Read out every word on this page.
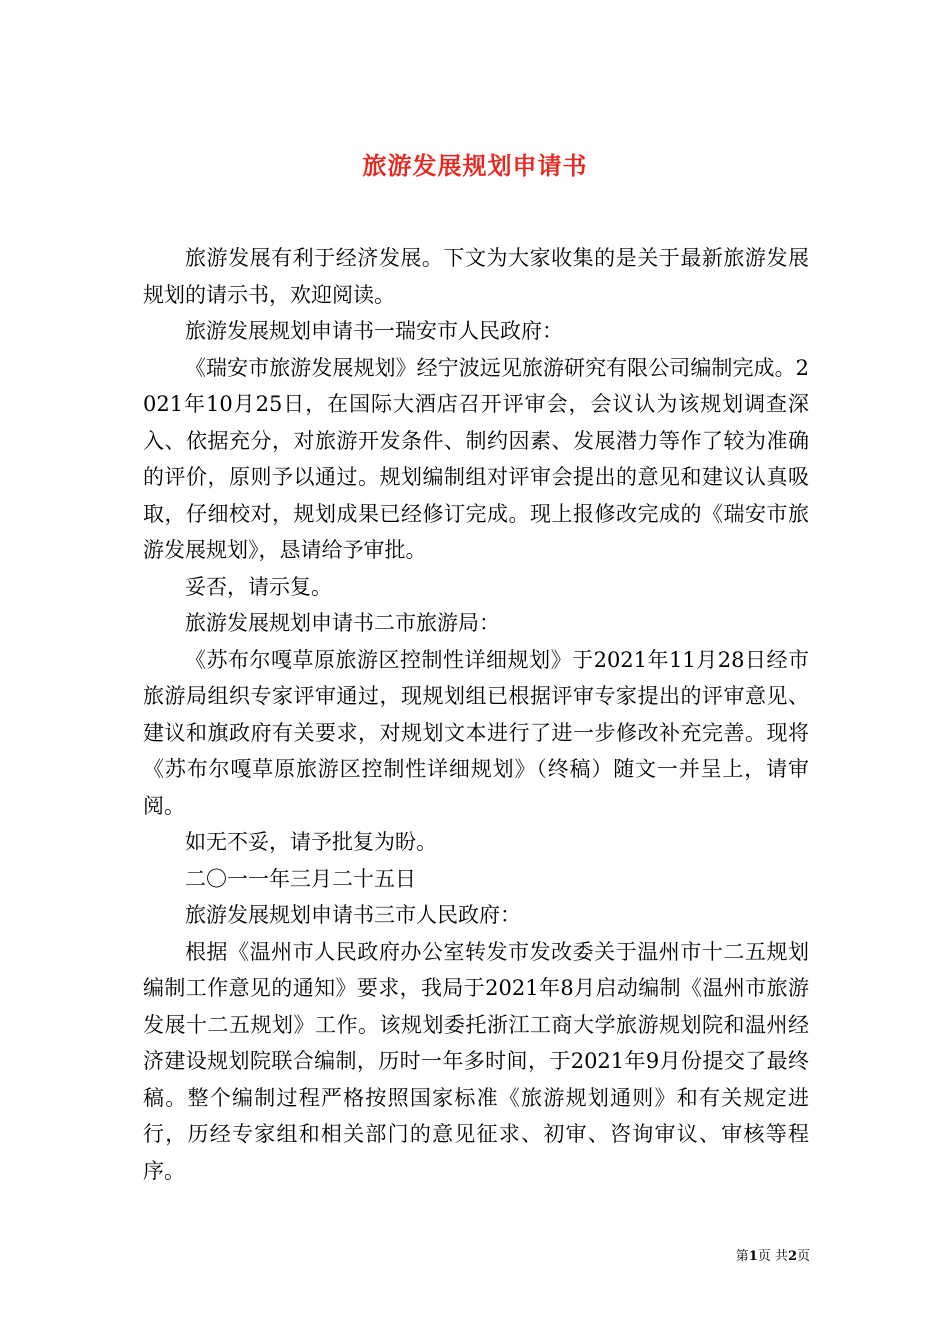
旅游发展规划申请书

旅游发展有利于经济发展。下文为大家收集的是关于最新旅游发展规划的请示书，欢迎阅读。

旅游发展规划申请书一瑞安市人民政府：

《瑞安市旅游发展规划》经宁波远见旅游研究有限公司编制完成。2021年10月25日，在国际大酒店召开评审会，会议认为该规划调查深入、依据充分，对旅游开发条件、制约因素、发展潜力等作了较为准确的评价，原则予以通过。规划编制组对评审会提出的意见和建议认真吸取，仔细校对，规划成果已经修订完成。现上报修改完成的《瑞安市旅游发展规划》，恳请给予审批。

妥否，请示复。

旅游发展规划申请书二市旅游局：

《苏布尔嘎草原旅游区控制性详细规划》于2021年11月28日经市旅游局组织专家评审通过，现规划组已根据评审专家提出的评审意见、建议和旗政府有关要求，对规划文本进行了进一步修改补充完善。现将《苏布尔嘎草原旅游区控制性详细规划》（终稿）随文一并呈上，请审阅。

如无不妥，请予批复为盼。

二〇一一年三月二十五日

旅游发展规划申请书三市人民政府：

根据《温州市人民政府办公室转发市发改委关于温州市十二五规划编制工作意见的通知》要求，我局于2021年8月启动编制《温州市旅游发展十二五规划》工作。该规划委托浙江工商大学旅游规划院和温州经济建设规划院联合编制，历时一年多时间，于2021年9月份提交了最终稿。整个编制过程严格按照国家标准《旅游规划通则》和有关规定进行，历经专家组和相关部门的意见征求、初审、咨询审议、审核等程序。

第1页 共2页
